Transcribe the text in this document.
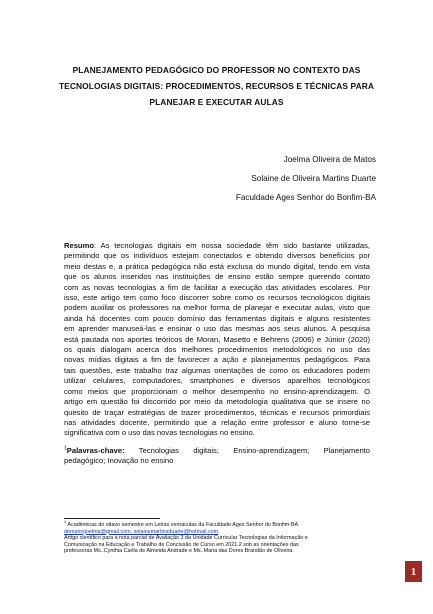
PLANEJAMENTO PEDAGÓGICO DO PROFESSOR NO CONTEXTO DAS
TECNOLOGIAS DIGITAIS: PROCEDIMENTOS, RECURSOS E TÉCNICAS PARA
PLANEJAR E EXECUTAR AULAS
Joelma Oliveira de Matos
Solaine de Oliveira Martins Duarte
Faculdade Ages Senhor do Bonfim-BA
Resumo: As tecnologias digitais em nossa sociedade têm sido bastante utilizadas,
permitindo que os indivíduos estejam conectados e obtendo diversos benefícios por
meio destas e, a prática pedagógica não está exclusa do mundo digital, tendo em vista
que os alunos inseridos nas instituições de ensino estão sempre querendo contato
com as novas tecnologias a fim de facilitar a execução das atividades escolares. Por
isso, este artigo tem como foco discorrer sobre como os recursos tecnológicos digitais
podem auxiliar os professores na melhor forma de planejar e executar aulas, visto que
ainda há docentes com pouco domínio das ferramentas digitais e alguns resistentes
em aprender manuseá-las e ensinar o uso das mesmas aos seus alunos. A pesquisa
está pautada nos aportes teóricos de Moran, Masetto e Behrens (2006) e Júnior (2020)
os quais dialogam acerca dos melhores procedimentos metodológicos no uso das
novas mídias digitais a fim de favorecer a ação e planejamentos pedagógicos. Para
tais questões, este trabalho traz algumas orientações de como os educadores podem
utilizar celulares, computadores, smartphones e diversos aparelhos tecnológicos
como meios que proporcionam o melhor desempenho no ensino-aprendizagem. O
artigo em questão foi discorrido por meio da metodologia qualitativa que se insere no
quesito de traçar estratégias de trazer procedimentos, técnicas e recursos primordiais
nas atividades docente, permitindo que a relação entre professor e aluno torne-se
significativa com o uso das novas tecnologias no ensino.
$^1$Palavras-chave: Tecnologias digitais; Ensino-aprendizagem; Planejamento
pedagógico; Inovação no ensino
$^1$ Acadêmicas do oitavo semestre em Letras vernáculas da Faculdade Ages Senhor do Bonfim-BA
dematosjoelma@gmail.com, solainemartinsduarte@hotmail.com
Artigo científico para a nota parcial de Avaliação 3 da Unidade Curricular Tecnologias da Informação e
Comunicação na Educação e Trabalho de Conclusão de Curso em 2021.2 sob as orientações das
professoras Ms..Cynthia Carlla de Almeida Andrade e Ms..Maria das Dores Brandão de Oliveira.
1
